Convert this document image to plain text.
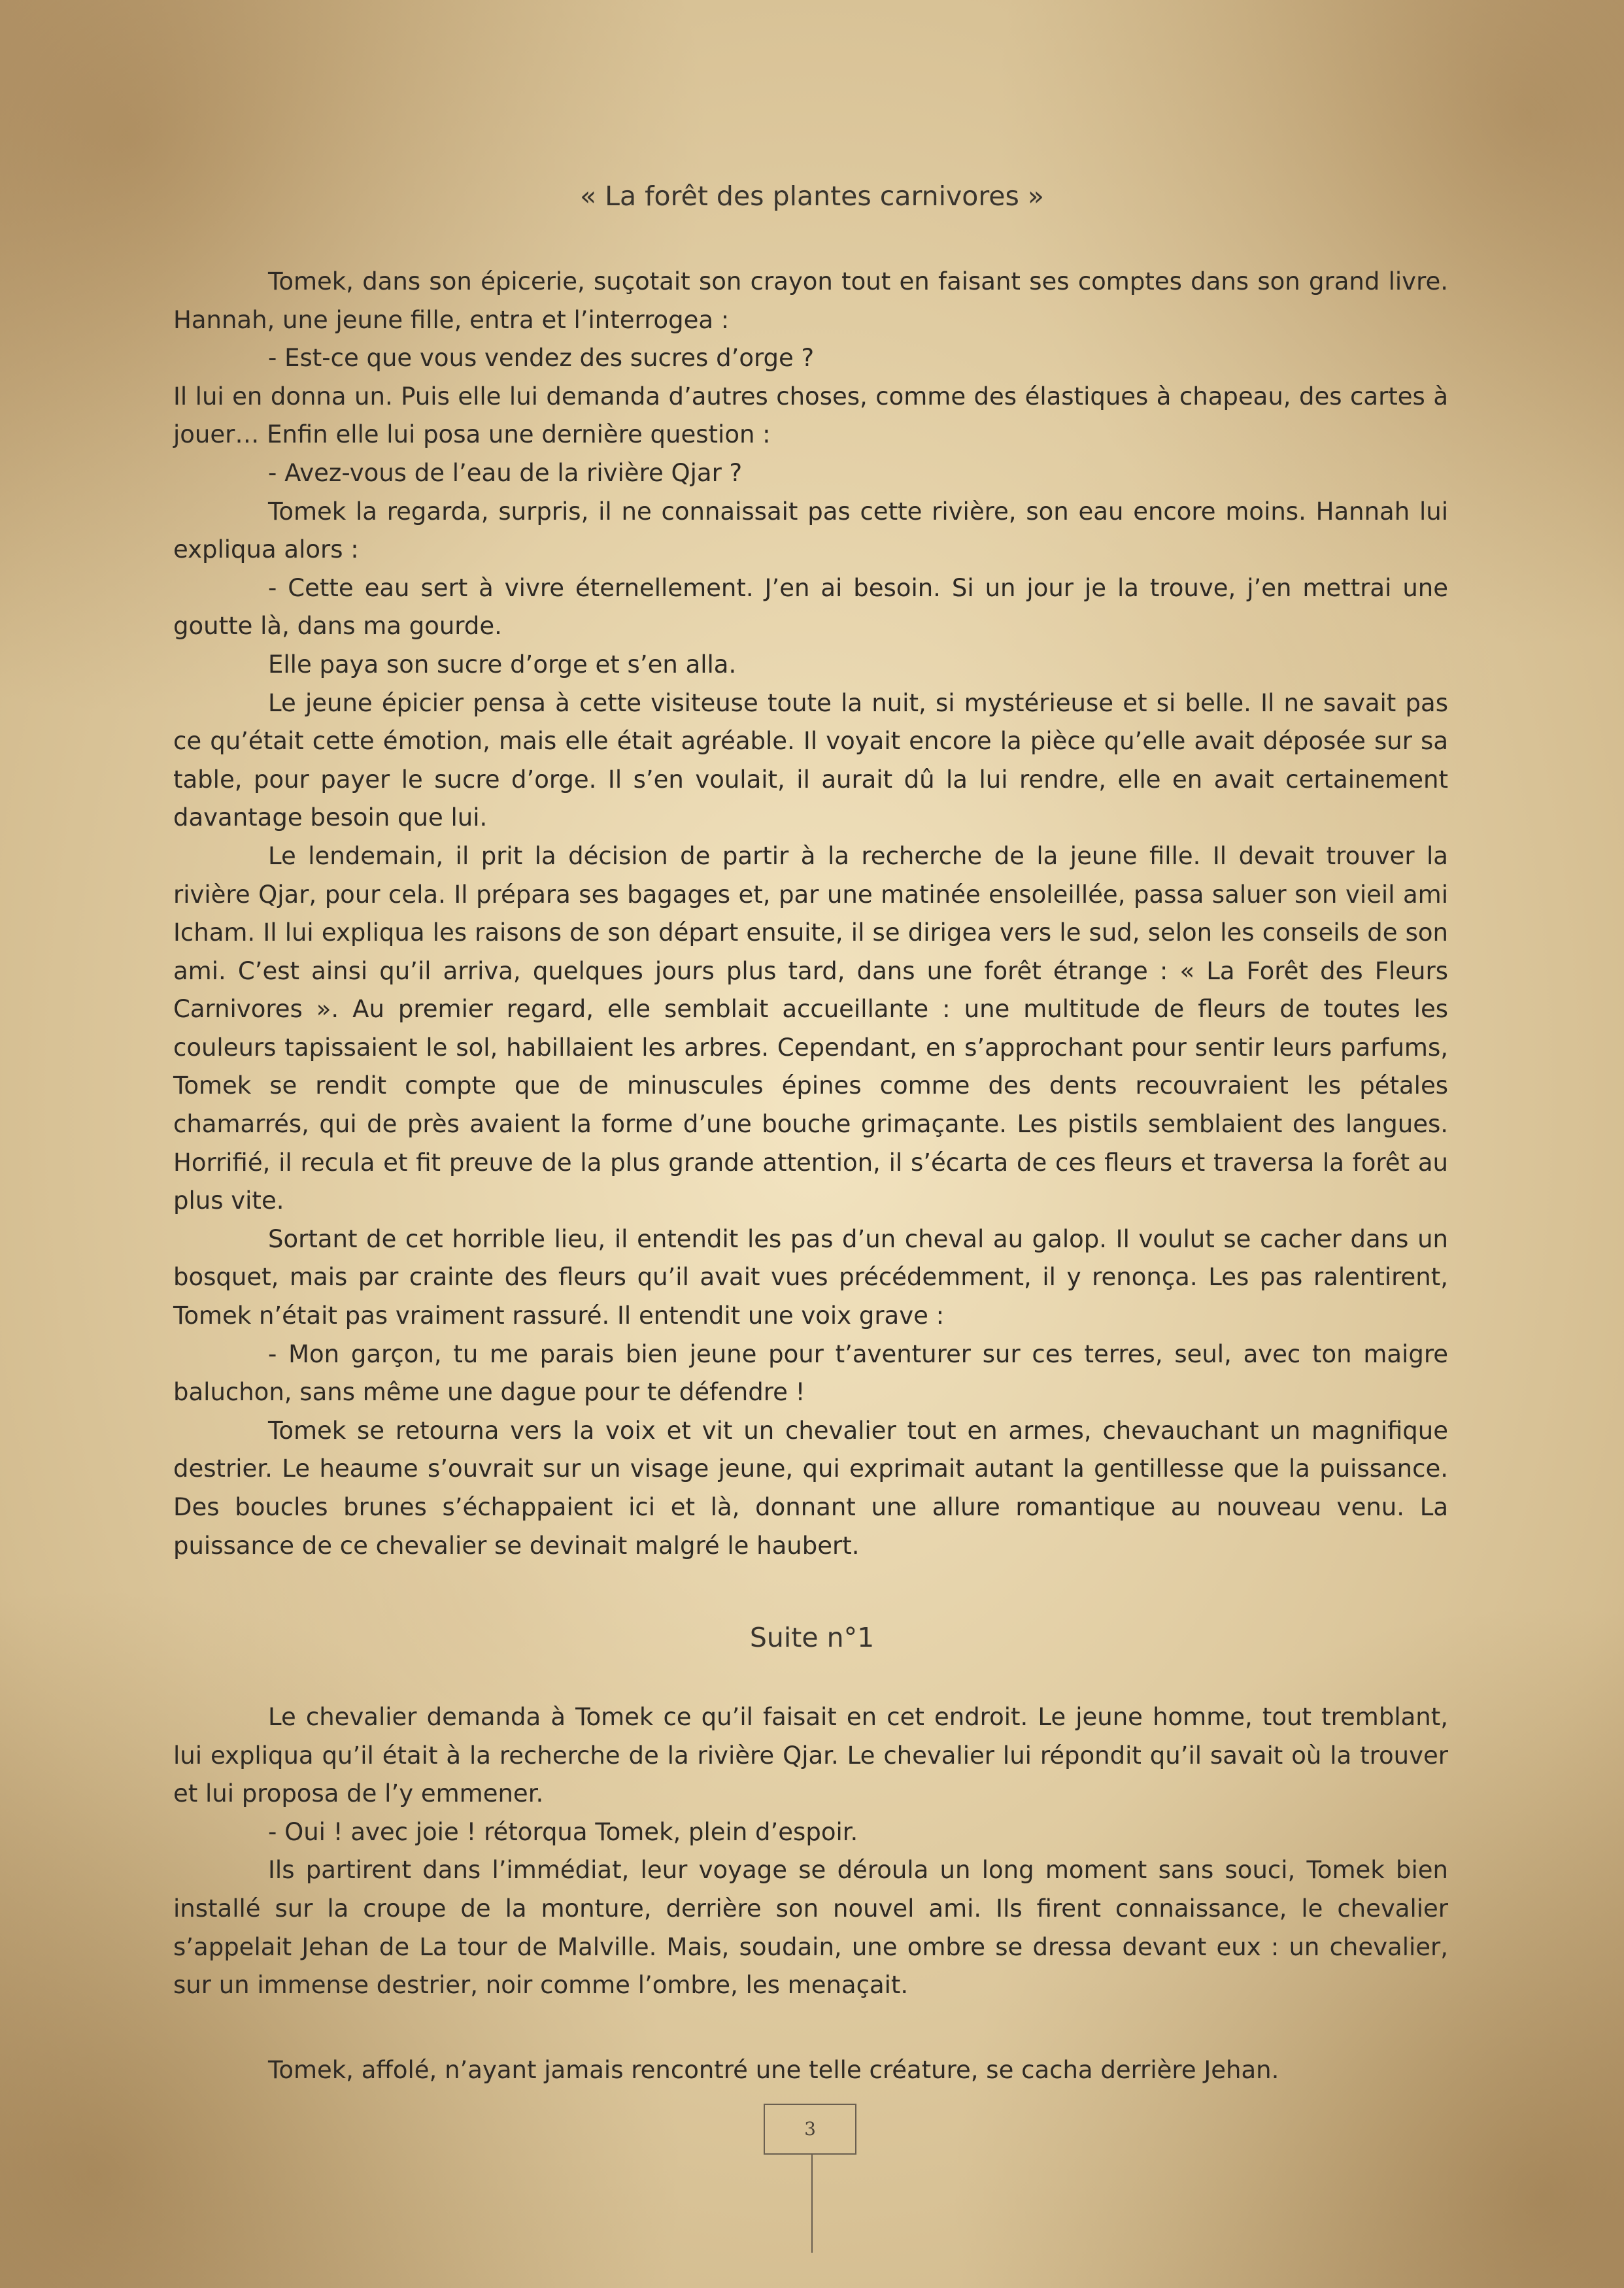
« La forêt des plantes carnivores »

Tomek, dans son épicerie, suçotait son crayon tout en faisant ses comptes dans son grand livre. Hannah, une jeune fille, entra et l’interrogea :

- Est-ce que vous vendez des sucres d’orge ?

Il lui en donna un. Puis elle lui demanda d’autres choses, comme des élastiques à chapeau, des cartes à jouer… Enfin elle lui posa une dernière question :

- Avez-vous de l’eau de la rivière Qjar ?

Tomek la regarda, surpris, il ne connaissait pas cette rivière, son eau encore moins. Hannah lui expliqua alors :

- Cette eau sert à vivre éternellement. J’en ai besoin. Si un jour je la trouve, j’en mettrai une goutte là, dans ma gourde.

Elle paya son sucre d’orge et s’en alla.

Le jeune épicier pensa à cette visiteuse toute la nuit, si mystérieuse et si belle. Il ne savait pas ce qu’était cette émotion, mais elle était agréable. Il voyait encore la pièce qu’elle avait déposée sur sa table, pour payer le sucre d’orge. Il s’en voulait, il aurait dû la lui rendre, elle en avait certainement davantage besoin que lui.

Le lendemain, il prit la décision de partir à la recherche de la jeune fille. Il devait trouver la rivière Qjar, pour cela. Il prépara ses bagages et, par une matinée ensoleillée, passa saluer son vieil ami Icham. Il lui expliqua les raisons de son départ ensuite, il se dirigea vers le sud, selon les conseils de son ami. C’est ainsi qu’il arriva, quelques jours plus tard, dans une forêt étrange : « La Forêt des Fleurs Carnivores ». Au premier regard, elle semblait accueillante : une multitude de fleurs de toutes les couleurs tapissaient le sol, habillaient les arbres. Cependant, en s’approchant pour sentir leurs parfums, Tomek se rendit compte que de minuscules épines comme des dents recouvraient les pétales chamarrés, qui de près avaient la forme d’une bouche grimaçante. Les pistils semblaient des langues. Horrifié, il recula et fit preuve de la plus grande attention, il s’écarta de ces fleurs et traversa la forêt au plus vite.

Sortant de cet horrible lieu, il entendit les pas d’un cheval au galop. Il voulut se cacher dans un bosquet, mais par crainte des fleurs qu’il avait vues précédemment, il y renonça. Les pas ralentirent, Tomek n’était pas vraiment rassuré. Il entendit une voix grave :

- Mon garçon, tu me parais bien jeune pour t’aventurer sur ces terres, seul, avec ton maigre baluchon, sans même une dague pour te défendre !

Tomek se retourna vers la voix et vit un chevalier tout en armes, chevauchant un magnifique destrier. Le heaume s’ouvrait sur un visage jeune, qui exprimait autant la gentillesse que la puissance. Des boucles brunes s’échappaient ici et là, donnant une allure romantique au nouveau venu. La puissance de ce chevalier se devinait malgré le haubert.

Suite n°1

Le chevalier demanda à Tomek ce qu’il faisait en cet endroit. Le jeune homme, tout tremblant, lui expliqua qu’il était à la recherche de la rivière Qjar. Le chevalier lui répondit qu’il savait où la trouver et lui proposa de l’y emmener.

- Oui ! avec joie ! rétorqua Tomek, plein d’espoir.

Ils partirent dans l’immédiat, leur voyage se déroula un long moment sans souci, Tomek bien installé sur la croupe de la monture, derrière son nouvel ami. Ils firent connaissance, le chevalier s’appelait Jehan de La tour de Malville. Mais, soudain, une ombre se dressa devant eux : un chevalier, sur un immense destrier, noir comme l’ombre, les menaçait.

Tomek, affolé, n’ayant jamais rencontré une telle créature, se cacha derrière Jehan.

3
